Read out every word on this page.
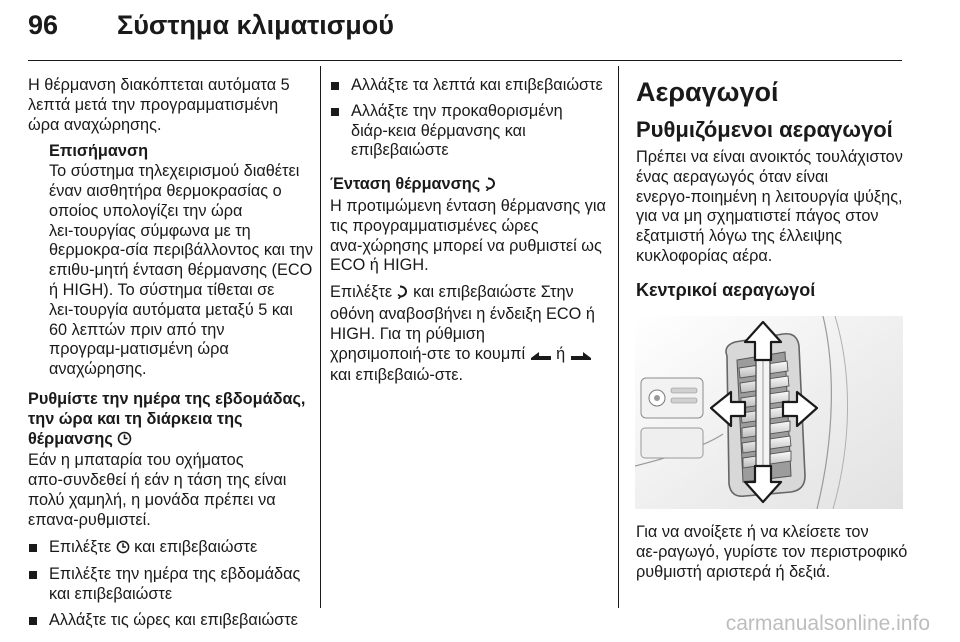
96 Σύστημα κλιματισμού

Η θέρμανση διακόπτεται αυτόματα 5 λεπτά μετά την προγραμματισμένη ώρα αναχώρησης.

Επισήμανση
Το σύστημα τηλεχειρισμού διαθέτει έναν αισθητήρα θερμοκρασίας ο οποίος υπολογίζει την ώρα λει‑τουργίας σύμφωνα με τη θερμοκρα‑σία περιβάλλοντος και την επιθυ‑μητή ένταση θέρμανσης (ECO ή HIGH). Το σύστημα τίθεται σε λει‑τουργία αυτόματα μεταξύ 5 και 60 λεπτών πριν από την προγραμ‑ματισμένη ώρα αναχώρησης.
Ρυθμίστε την ημέρα της εβδομάδας, την ώρα και τη διάρκεια της θέρμανσης

Εάν η μπαταρία του οχήματος απο‑συνδεθεί ή εάν η τάση της είναι πολύ χαμηλή, η μονάδα πρέπει να επανα‑ρυθμιστεί.

Επιλέξτε και επιβεβαιώστε
Επιλέξτε την ημέρα της εβδομάδας και επιβεβαιώστε
Αλλάξτε τις ώρες και επιβεβαιώστε
Αλλάξτε τα λεπτά και επιβεβαιώστε
Αλλάξτε την προκαθορισμένη διάρ‑κεια θέρμανσης και επιβεβαιώστε
Ένταση θέρμανσης

Η προτιμώμενη ένταση θέρμανσης για τις προγραμματισμένες ώρες ανα‑χώρησης μπορεί να ρυθμιστεί ως ECO ή HIGH.

Επιλέξτε και επιβεβαιώστε Στην οθόνη αναβοσβήνει η ένδειξη ECO ή HIGH. Για τη ρύθμιση χρησιμοποιή‑στε το κουμπί ή  και επιβεβαιώ‑στε.

Αεραγωγοί
Ρυθμιζόμενοι αεραγωγοί

Πρέπει να είναι ανοικτός τουλάχιστον ένας αεραγωγός όταν είναι ενεργο‑ποιημένη η λειτουργία ψύξης, για να μη σχηματιστεί πάγος στον εξατμιστή λόγω της έλλειψης κυκλοφορίας αέρα.

Κεντρικοί αεραγωγοί
Για να ανοίξετε ή να κλείσετε τον αε‑ραγωγό, γυρίστε τον περιστροφικό ρυθμιστή αριστερά ή δεξιά.
carmanualsonline.info
